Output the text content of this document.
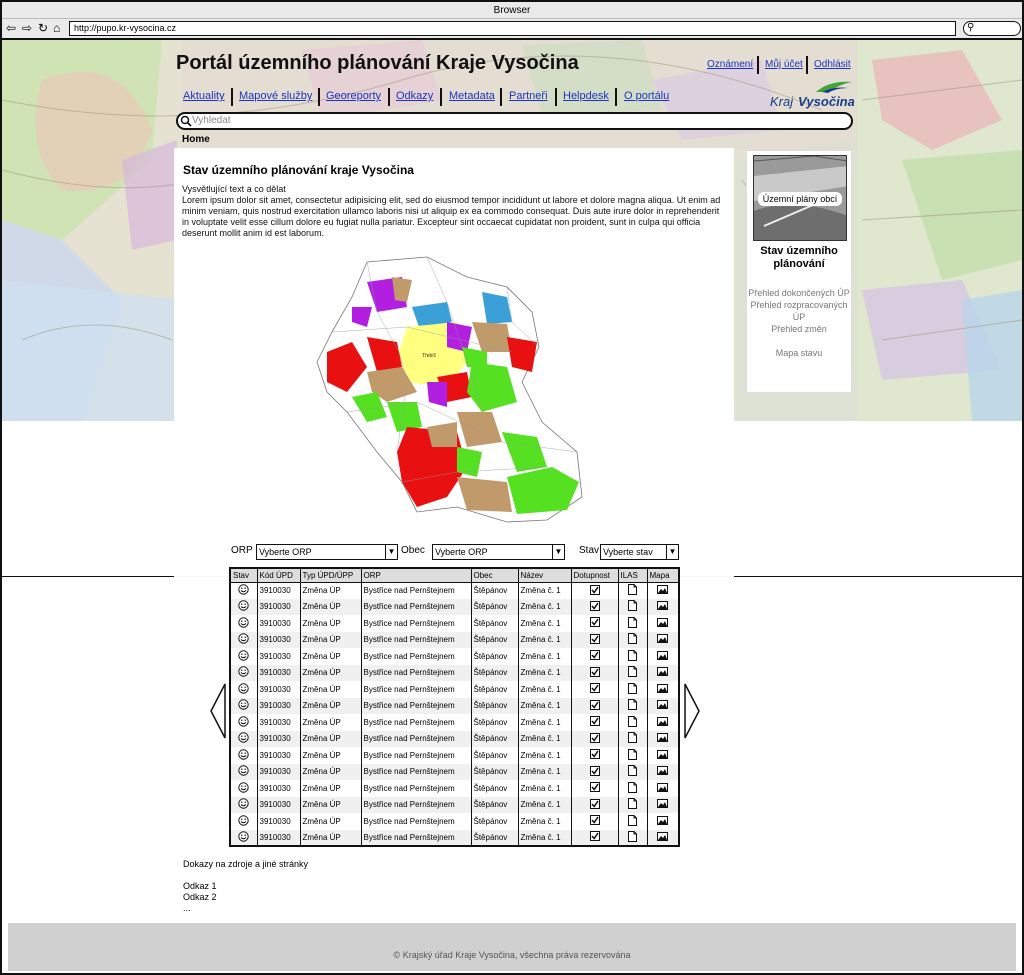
Browser
⇦ ⇨ ↻ ⌂	http://pupo.kr-vysocina.cz	⚲
Portál územního plánování Kraje Vysočina	Oznámení Můj účet Odhlásit
Aktuality Mapové služby Georeporty Odkazy Metadata Partneři Helpdesk O portálu	Kraj Vysočina
Vyhledat
Home
Stav územního plánování kraje Vysočina
Vysvětlující text a co dělat
Lorem ipsum dolor sit amet, consectetur adipisicing elit, sed do eiusmod tempor incididunt ut labore et dolore magna aliqua. Ut enim ad minim veniam, quis nostrud exercitation ullamco laboris nisi ut aliquip ex ea commodo consequat. Duis aute irure dolor in reprehenderit in voluptate velit esse cillum dolore eu fugiat nulla pariatur. Excepteur sint occaecat cupidatat non proident, sunt in culpa qui officia deserunt mollit anim id est laborum.
Třebíč
Územní plány obcí
Stav územního plánování
Přehled dokončených ÚP
Přehled rozpracovaných ÚP
Přehled změn
Mapa stavu
ORP Vyberte ORP	▼ Obec	Vyberte ORP	▼ Stav Vyberte stav	▼
Stav	Kód ÚPD	Typ ÚPD/ÚPP	ORP	Obec	Název	Dotupnost	ILAS	Mapa
	3910030	Změna ÚP	Bystřice nad Pernštejnem	Štěpánov	Změna č. 1			
	3910030	Změna ÚP	Bystřice nad Pernštejnem	Štěpánov	Změna č. 1			
	3910030	Změna ÚP	Bystřice nad Pernštejnem	Štěpánov	Změna č. 1			
	3910030	Změna ÚP	Bystřice nad Pernštejnem	Štěpánov	Změna č. 1			
	3910030	Změna ÚP	Bystřice nad Pernštejnem	Štěpánov	Změna č. 1			
	3910030	Změna ÚP	Bystřice nad Pernštejnem	Štěpánov	Změna č. 1			
	3910030	Změna ÚP	Bystřice nad Pernštejnem	Štěpánov	Změna č. 1			
	3910030	Změna ÚP	Bystřice nad Pernštejnem	Štěpánov	Změna č. 1			
	3910030	Změna ÚP	Bystřice nad Pernštejnem	Štěpánov	Změna č. 1			
	3910030	Změna ÚP	Bystřice nad Pernštejnem	Štěpánov	Změna č. 1			
	3910030	Změna ÚP	Bystřice nad Pernštejnem	Štěpánov	Změna č. 1			
	3910030	Změna ÚP	Bystřice nad Pernštejnem	Štěpánov	Změna č. 1			
	3910030	Změna ÚP	Bystřice nad Pernštejnem	Štěpánov	Změna č. 1			
	3910030	Změna ÚP	Bystřice nad Pernštejnem	Štěpánov	Změna č. 1			
	3910030	Změna ÚP	Bystřice nad Pernštejnem	Štěpánov	Změna č. 1			
	3910030	Změna ÚP	Bystřice nad Pernštejnem	Štěpánov	Změna č. 1			
Dokazy na zdroje a jiné stránky
Odkaz 1
Odkaz 2
...
© Krajský úřad Kraje Vysočina, všechna práva rezervována
